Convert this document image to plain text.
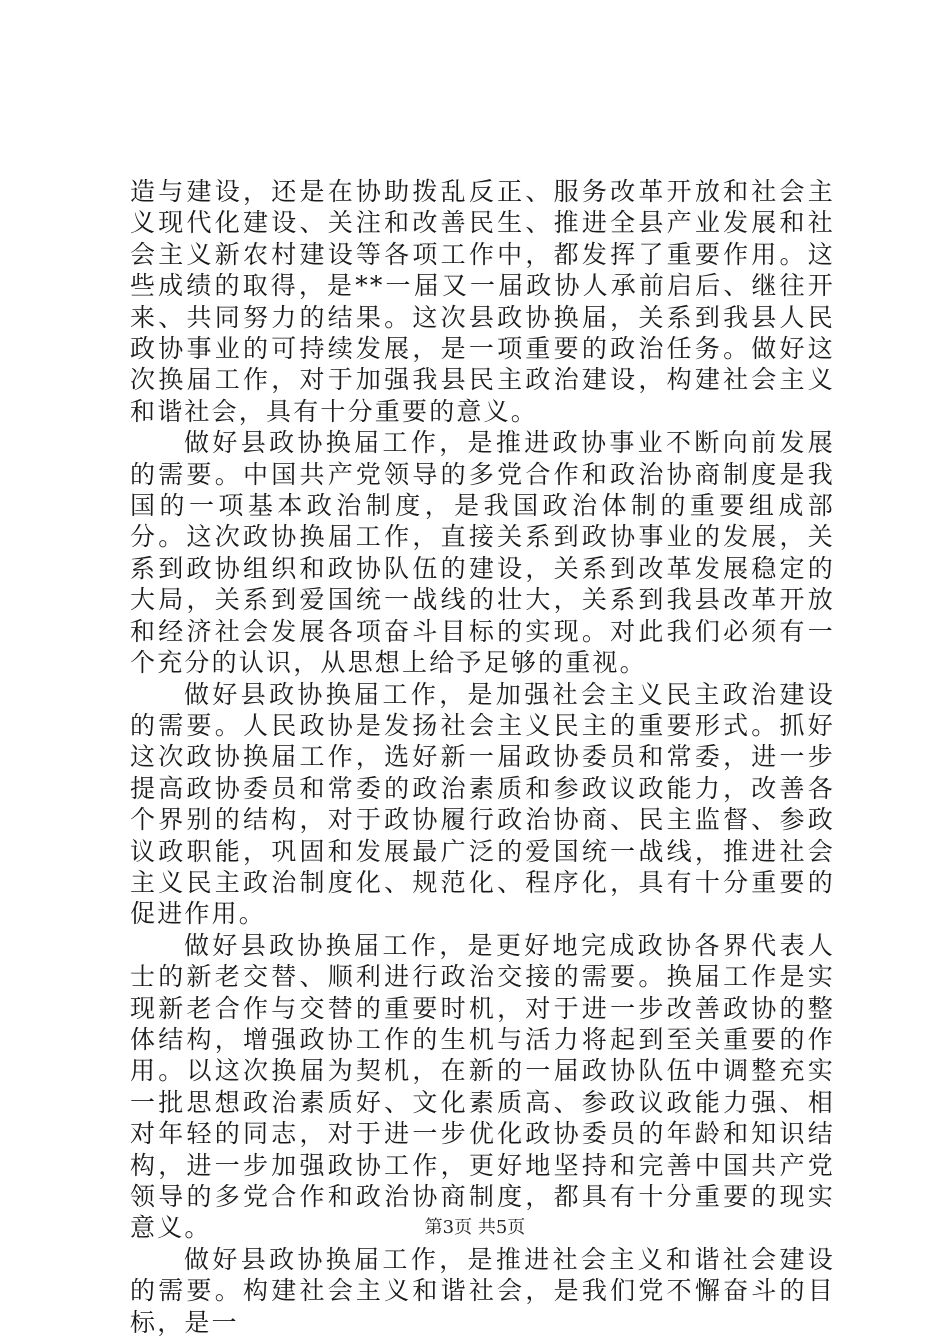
造与建设，还是在协助拨乱反正、服务改革开放和社会主义现代化建设、关注和改善民生、推进全县产业发展和社会主义新农村建设等各项工作中，都发挥了重要作用。这些成绩的取得，是**一届又一届政协人承前启后、继往开来、共同努力的结果。这次县政协换届，关系到我县人民政协事业的可持续发展，是一项重要的政治任务。做好这次换届工作，对于加强我县民主政治建设，构建社会主义和谐社会，具有十分重要的意义。

做好县政协换届工作，是推进政协事业不断向前发展的需要。中国共产党领导的多党合作和政治协商制度是我国的一项基本政治制度，是我国政治体制的重要组成部分。这次政协换届工作，直接关系到政协事业的发展，关系到政协组织和政协队伍的建设，关系到改革发展稳定的大局，关系到爱国统一战线的壮大，关系到我县改革开放和经济社会发展各项奋斗目标的实现。对此我们必须有一个充分的认识，从思想上给予足够的重视。

做好县政协换届工作，是加强社会主义民主政治建设的需要。人民政协是发扬社会主义民主的重要形式。抓好这次政协换届工作，选好新一届政协委员和常委，进一步提高政协委员和常委的政治素质和参政议政能力，改善各个界别的结构，对于政协履行政治协商、民主监督、参政议政职能，巩固和发展最广泛的爱国统一战线，推进社会主义民主政治制度化、规范化、程序化，具有十分重要的促进作用。

做好县政协换届工作，是更好地完成政协各界代表人士的新老交替、顺利进行政治交接的需要。换届工作是实现新老合作与交替的重要时机，对于进一步改善政协的整体结构，增强政协工作的生机与活力将起到至关重要的作用。以这次换届为契机，在新的一届政协队伍中调整充实一批思想政治素质好、文化素质高、参政议政能力强、相对年轻的同志，对于进一步优化政协委员的年龄和知识结构，进一步加强政协工作，更好地坚持和完善中国共产党领导的多党合作和政治协商制度，都具有十分重要的现实意义。

做好县政协换届工作，是推进社会主义和谐社会建设的需要。构建社会主义和谐社会，是我们党不懈奋斗的目标，是一

第3页 共5页
